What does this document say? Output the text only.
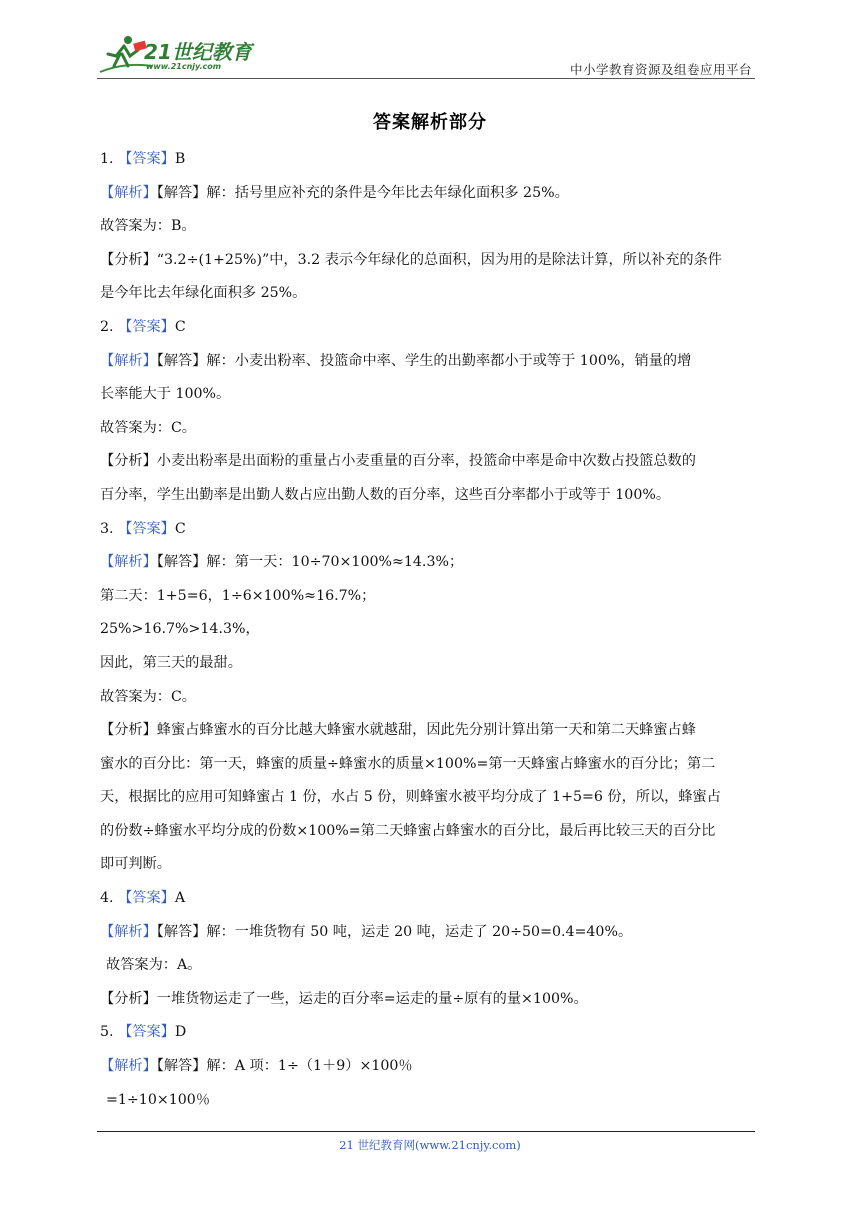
21世纪教育
www.21cnjy.com	中小学教育资源及组卷应用平台
答案解析部分
1. 【答案】B
【解析】【解答】解：括号里应补充的条件是今年比去年绿化面积多 25%。
故答案为：B。
【分析】“3.2÷(1+25%)”中，3.2 表示今年绿化的总面积，因为用的是除法计算，所以补充的条件
是今年比去年绿化面积多 25%。
2. 【答案】C
【解析】【解答】解：小麦出粉率、投篮命中率、学生的出勤率都小于或等于 100%，销量的增
长率能大于 100%。
故答案为：C。
【分析】小麦出粉率是出面粉的重量占小麦重量的百分率，投篮命中率是命中次数占投篮总数的
百分率，学生出勤率是出勤人数占应出勤人数的百分率，这些百分率都小于或等于 100%。
3. 【答案】C
【解析】【解答】解：第一天：10÷70×100%≈14.3%；
第二天：1+5=6，1÷6×100%≈16.7%；
25%>16.7%>14.3%，
因此，第三天的最甜。
故答案为：C。
【分析】蜂蜜占蜂蜜水的百分比越大蜂蜜水就越甜，因此先分别计算出第一天和第二天蜂蜜占蜂
蜜水的百分比：第一天，蜂蜜的质量÷蜂蜜水的质量×100%=第一天蜂蜜占蜂蜜水的百分比；第二
天，根据比的应用可知蜂蜜占 1 份，水占 5 份，则蜂蜜水被平均分成了 1+5=6 份，所以，蜂蜜占
的份数÷蜂蜜水平均分成的份数×100%=第二天蜂蜜占蜂蜜水的百分比，最后再比较三天的百分比
即可判断。
4. 【答案】A
【解析】【解答】解：一堆货物有 50 吨，运走 20 吨，运走了 20÷50=0.4=40%。
故答案为：A。
【分析】一堆货物运走了一些，运走的百分率=运走的量÷原有的量×100%。
5. 【答案】D
【解析】【解答】解：A 项：1÷（1＋9）×100％
=1÷10×100％
21 世纪教育网(www.21cnjy.com)
